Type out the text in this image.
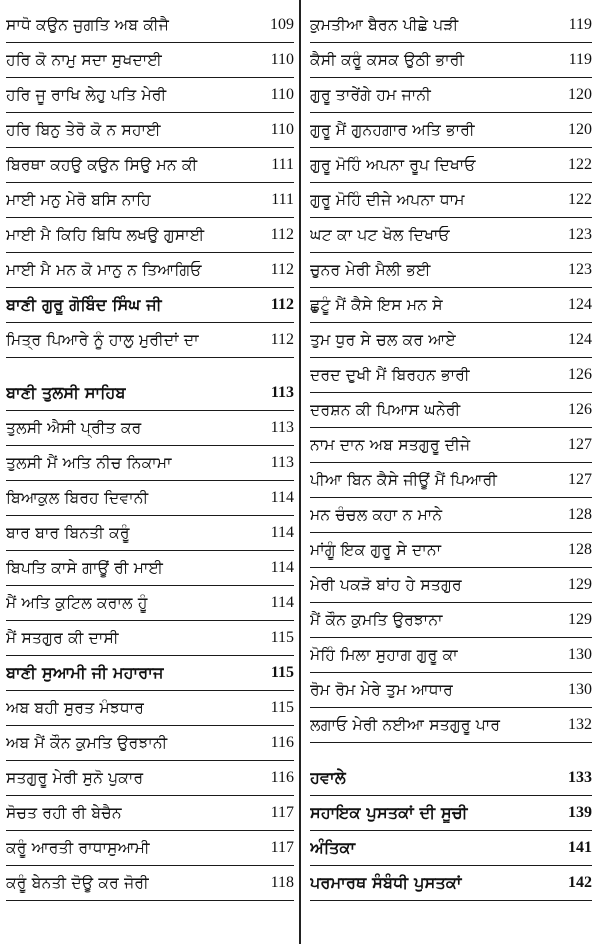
ਸਾਧੋ ਕਉਨ ਜੁਗਤਿ ਅਬ ਕੀਜੈ	109
ਹਰਿ ਕੋ ਨਾਮੁ ਸਦਾ ਸੁਖਦਾਈ	110
ਹਰਿ ਜੂ ਰਾਖਿ ਲੇਹੁ ਪਤਿ ਮੇਰੀ	110
ਹਰਿ ਬਿਨੁ ਤੇਰੋ ਕੋ ਨ ਸਹਾਈ	110
ਬਿਰਥਾ ਕਹਉ ਕਉਨ ਸਿਉ ਮਨ ਕੀ	111
ਮਾਈ ਮਨੁ ਮੇਰੋ ਬਸਿ ਨਾਹਿ	111
ਮਾਈ ਮੈ ਕਿਹਿ ਬਿਧਿ ਲਖਉ ਗੁਸਾਈ	112
ਮਾਈ ਮੈ ਮਨ ਕੋ ਮਾਨੁ ਨ ਤਿਆਗਿਓ	112
ਬਾਣੀ ਗੁਰੂ ਗੋਬਿੰਦ ਸਿੰਘ ਜੀ	112
ਮਿਤ੍ਰ ਪਿਆਰੇ ਨੂੰ ਹਾਲੁ ਮੁਰੀਦਾਂ ਦਾ	112
ਬਾਣੀ ਤੁਲਸੀ ਸਾਹਿਬ	113
ਤੁਲਸੀ ਐਸੀ ਪ੍ਰੀਤ ਕਰ	113
ਤੁਲਸੀ ਮੈਂ ਅਤਿ ਨੀਚ ਨਿਕਾਮਾ	113
ਬਿਆਕੁਲ ਬਿਰਹ ਦਿਵਾਨੀ	114
ਬਾਰ ਬਾਰ ਬਿਨਤੀ ਕਰੂੰ	114
ਬਿਪਤਿ ਕਾਸੇ ਗਾਊਂ ਰੀ ਮਾਈ	114
ਮੈਂ ਅਤਿ ਕੁਟਿਲ ਕਰਾਲ ਹੂੰ	114
ਮੈਂ ਸਤਗੁਰ ਕੀ ਦਾਸੀ	115
ਬਾਣੀ ਸੁਆਮੀ ਜੀ ਮਹਾਰਾਜ	115
ਅਬ ਬਹੀ ਸੁਰਤ ਮੰਝਧਾਰ	115
ਅਬ ਮੈਂ ਕੌਨ ਕੁਮਤਿ ਉਰਝਾਨੀ	116
ਸਤਗੁਰੂ ਮੇਰੀ ਸੁਨੋ ਪੁਕਾਰ	116
ਸੋਚਤ ਰਹੀ ਰੀ ਬੇਚੈਨ	117
ਕਰੂੰ ਆਰਤੀ ਰਾਧਾਸੁਆਮੀ	117
ਕਰੂੰ ਬੇਨਤੀ ਦੋਊ ਕਰ ਜੋਰੀ	118
ਕੁਮਤੀਆ ਬੈਰਨ ਪੀਛੇ ਪੜੀ	119
ਕੈਸੀ ਕਰੂੰ ਕਸਕ ਉਠੀ ਭਾਰੀ	119
ਗੁਰੂ ਤਾਰੇਂਗੇ ਹਮ ਜਾਨੀ	120
ਗੁਰੂ ਮੈਂ ਗੁਨਹਗਾਰ ਅਤਿ ਭਾਰੀ	120
ਗੁਰੂ ਮੋਹਿੰ ਅਪਨਾ ਰੂਪ ਦਿਖਾਓ	122
ਗੁਰੂ ਮੋਹਿੰ ਦੀਜੇ ਅਪਨਾ ਧਾਮ	122
ਘਟ ਕਾ ਪਟ ਖੋਲ ਦਿਖਾਓ	123
ਚੁਨਰ ਮੇਰੀ ਮੈਲੀ ਭਈ	123
ਛੁਟੂੰ ਮੈਂ ਕੈਸੇ ਇਸ ਮਨ ਸੇ	124
ਤੁਮ ਧੁਰ ਸੇ ਚਲ ਕਰ ਆਏ	124
ਦਰਦ ਦੁਖੀ ਮੈਂ ਬਿਰਹਨ ਭਾਰੀ	126
ਦਰਸ਼ਨ ਕੀ ਪਿਆਸ ਘਨੇਰੀ	126
ਨਾਮ ਦਾਨ ਅਬ ਸਤਗੁਰੂ ਦੀਜੇ	127
ਪੀਆ ਬਿਨ ਕੈਸੇ ਜੀਊਂ ਮੈਂ ਪਿਆਰੀ	127
ਮਨ ਚੰਚਲ ਕਹਾ ਨ ਮਾਨੇ	128
ਮਾਂਗੂੰ ਇਕ ਗੁਰੂ ਸੇ ਦਾਨਾ	128
ਮੇਰੀ ਪਕੜੋ ਬਾਂਹ ਹੇ ਸਤਗੁਰ	129
ਮੈਂ ਕੌਨ ਕੁਮਤਿ ਉਰਝਾਨਾ	129
ਮੋਹਿੰ ਮਿਲਾ ਸੁਹਾਗ ਗੁਰੂ ਕਾ	130
ਰੋਮ ਰੋਮ ਮੇਰੇ ਤੁਮ ਆਧਾਰ	130
ਲਗਾਓ ਮੇਰੀ ਨਈਆ ਸਤਗੁਰੂ ਪਾਰ	132
ਹਵਾਲੇ	133
ਸਹਾਇਕ ਪੁਸਤਕਾਂ ਦੀ ਸੂਚੀ	139
ਅੰਤਿਕਾ	141
ਪਰਮਾਰਥ ਸੰਬੰਧੀ ਪੁਸਤਕਾਂ	142
